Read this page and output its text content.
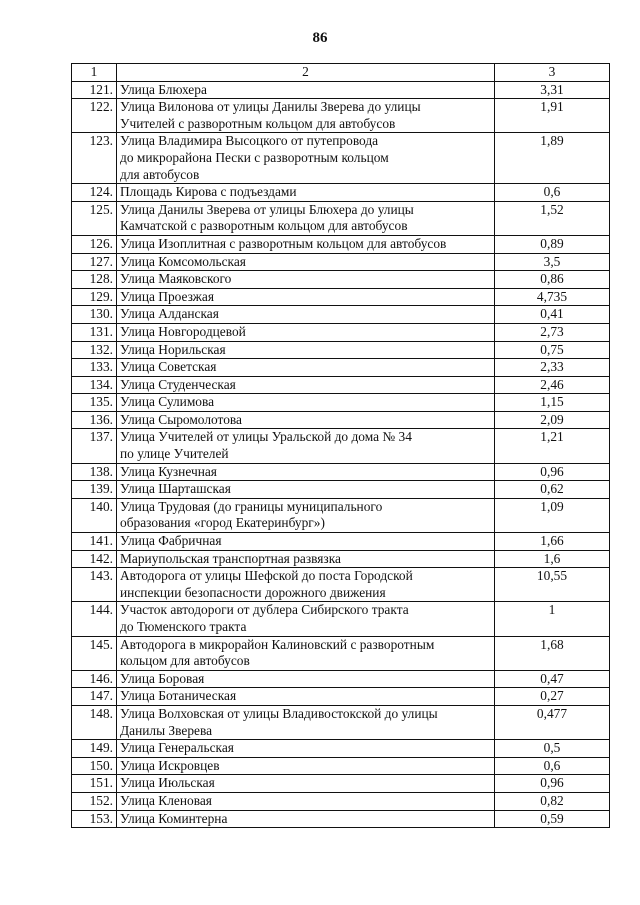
86
1	2	3
121.	Улица Блюхера	3,31
122.	Улица Вилонова от улицы Данилы Зверева до улицы
Учителей с разворотным кольцом для автобусов	1,91
123.	Улица Владимира Высоцкого от путепровода
до микрорайона Пески с разворотным кольцом
для автобусов	1,89
124.	Площадь Кирова с подъездами	0,6
125.	Улица Данилы Зверева от улицы Блюхера до улицы
Камчатской с разворотным кольцом для автобусов	1,52
126.	Улица Изоплитная с разворотным кольцом для автобусов	0,89
127.	Улица Комсомольская	3,5
128.	Улица Маяковского	0,86
129.	Улица Проезжая	4,735
130.	Улица Алданская	0,41
131.	Улица Новгородцевой	2,73
132.	Улица Норильская	0,75
133.	Улица Советская	2,33
134.	Улица Студенческая	2,46
135.	Улица Сулимова	1,15
136.	Улица Сыромолотова	2,09
137.	Улица Учителей от улицы Уральской до дома № 34
по улице Учителей	1,21
138.	Улица Кузнечная	0,96
139.	Улица Шарташская	0,62
140.	Улица Трудовая (до границы муниципального
образования «город Екатеринбург»)	1,09
141.	Улица Фабричная	1,66
142.	Мариупольская транспортная развязка	1,6
143.	Автодорога от улицы Шефской до поста Городской
инспекции безопасности дорожного движения	10,55
144.	Участок автодороги от дублера Сибирского тракта
до Тюменского тракта	1
145.	Автодорога в микрорайон Калиновский с разворотным
кольцом для автобусов	1,68
146.	Улица Боровая	0,47
147.	Улица Ботаническая	0,27
148.	Улица Волховская от улицы Владивостокской до улицы
Данилы Зверева	0,477
149.	Улица Генеральская	0,5
150.	Улица Искровцев	0,6
151.	Улица Июльская	0,96
152.	Улица Кленовая	0,82
153.	Улица Коминтерна	0,59
